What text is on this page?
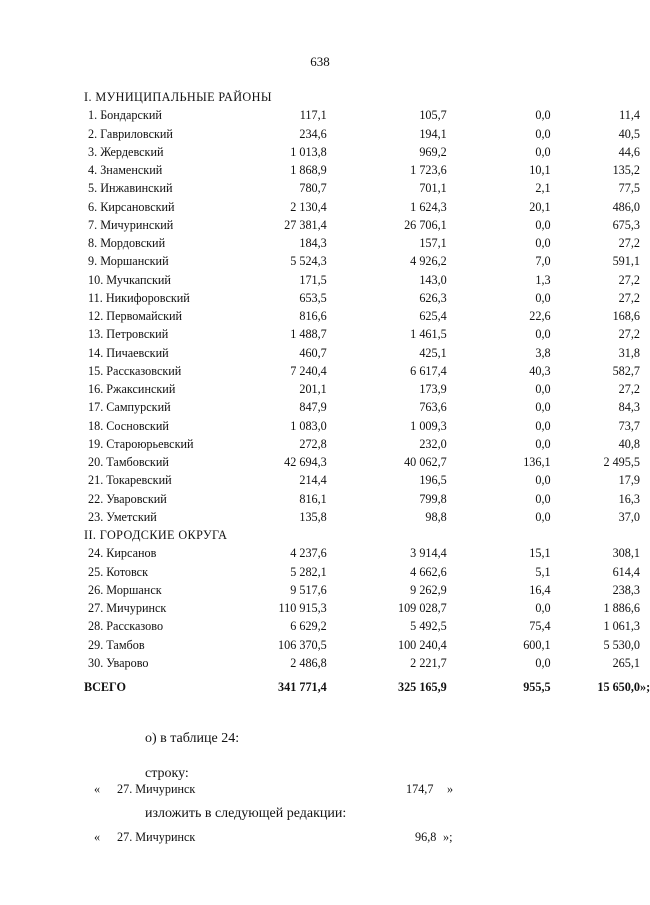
638
I. МУНИЦИПАЛЬНЫЕ РАЙОНЫ				
1. Бондарский	117,1	105,7	0,0	11,4
2. Гавриловский	234,6	194,1	0,0	40,5
3. Жердевский	1 013,8	969,2	0,0	44,6
4. Знаменский	1 868,9	1 723,6	10,1	135,2
5. Инжавинский	780,7	701,1	2,1	77,5
6. Кирсановский	2 130,4	1 624,3	20,1	486,0
7. Мичуринский	27 381,4	26 706,1	0,0	675,3
8. Мордовский	184,3	157,1	0,0	27,2
9. Моршанский	5 524,3	4 926,2	7,0	591,1
10. Мучкапский	171,5	143,0	1,3	27,2
11. Никифоровский	653,5	626,3	0,0	27,2
12. Первомайский	816,6	625,4	22,6	168,6
13. Петровский	1 488,7	1 461,5	0,0	27,2
14. Пичаевский	460,7	425,1	3,8	31,8
15. Рассказовский	7 240,4	6 617,4	40,3	582,7
16. Ржаксинский	201,1	173,9	0,0	27,2
17. Сампурский	847,9	763,6	0,0	84,3
18. Сосновский	1 083,0	1 009,3	0,0	73,7
19. Староюрьевский	272,8	232,0	0,0	40,8
20. Тамбовский	42 694,3	40 062,7	136,1	2 495,5
21. Токаревский	214,4	196,5	0,0	17,9
22. Уваровский	816,1	799,8	0,0	16,3
23. Уметский	135,8	98,8	0,0	37,0
II. ГОРОДСКИЕ ОКРУГА				
24. Кирсанов	4 237,6	3 914,4	15,1	308,1
25. Котовск	5 282,1	4 662,6	5,1	614,4
26. Моршанск	9 517,6	9 262,9	16,4	238,3
27. Мичуринск	110 915,3	109 028,7	0,0	1 886,6
28. Рассказово	6 629,2	5 492,5	75,4	1 061,3
29. Тамбов	106 370,5	100 240,4	600,1	5 530,0
30. Уварово	2 486,8	2 221,7	0,0	265,1
ВСЕГО	341 771,4	325 165,9	955,5	15 650,0 »;
о) в таблице 24:
строку:
« 27. Мичуринск	174,7 »
изложить в следующей редакции:
« 27. Мичуринск	96,8 »;
